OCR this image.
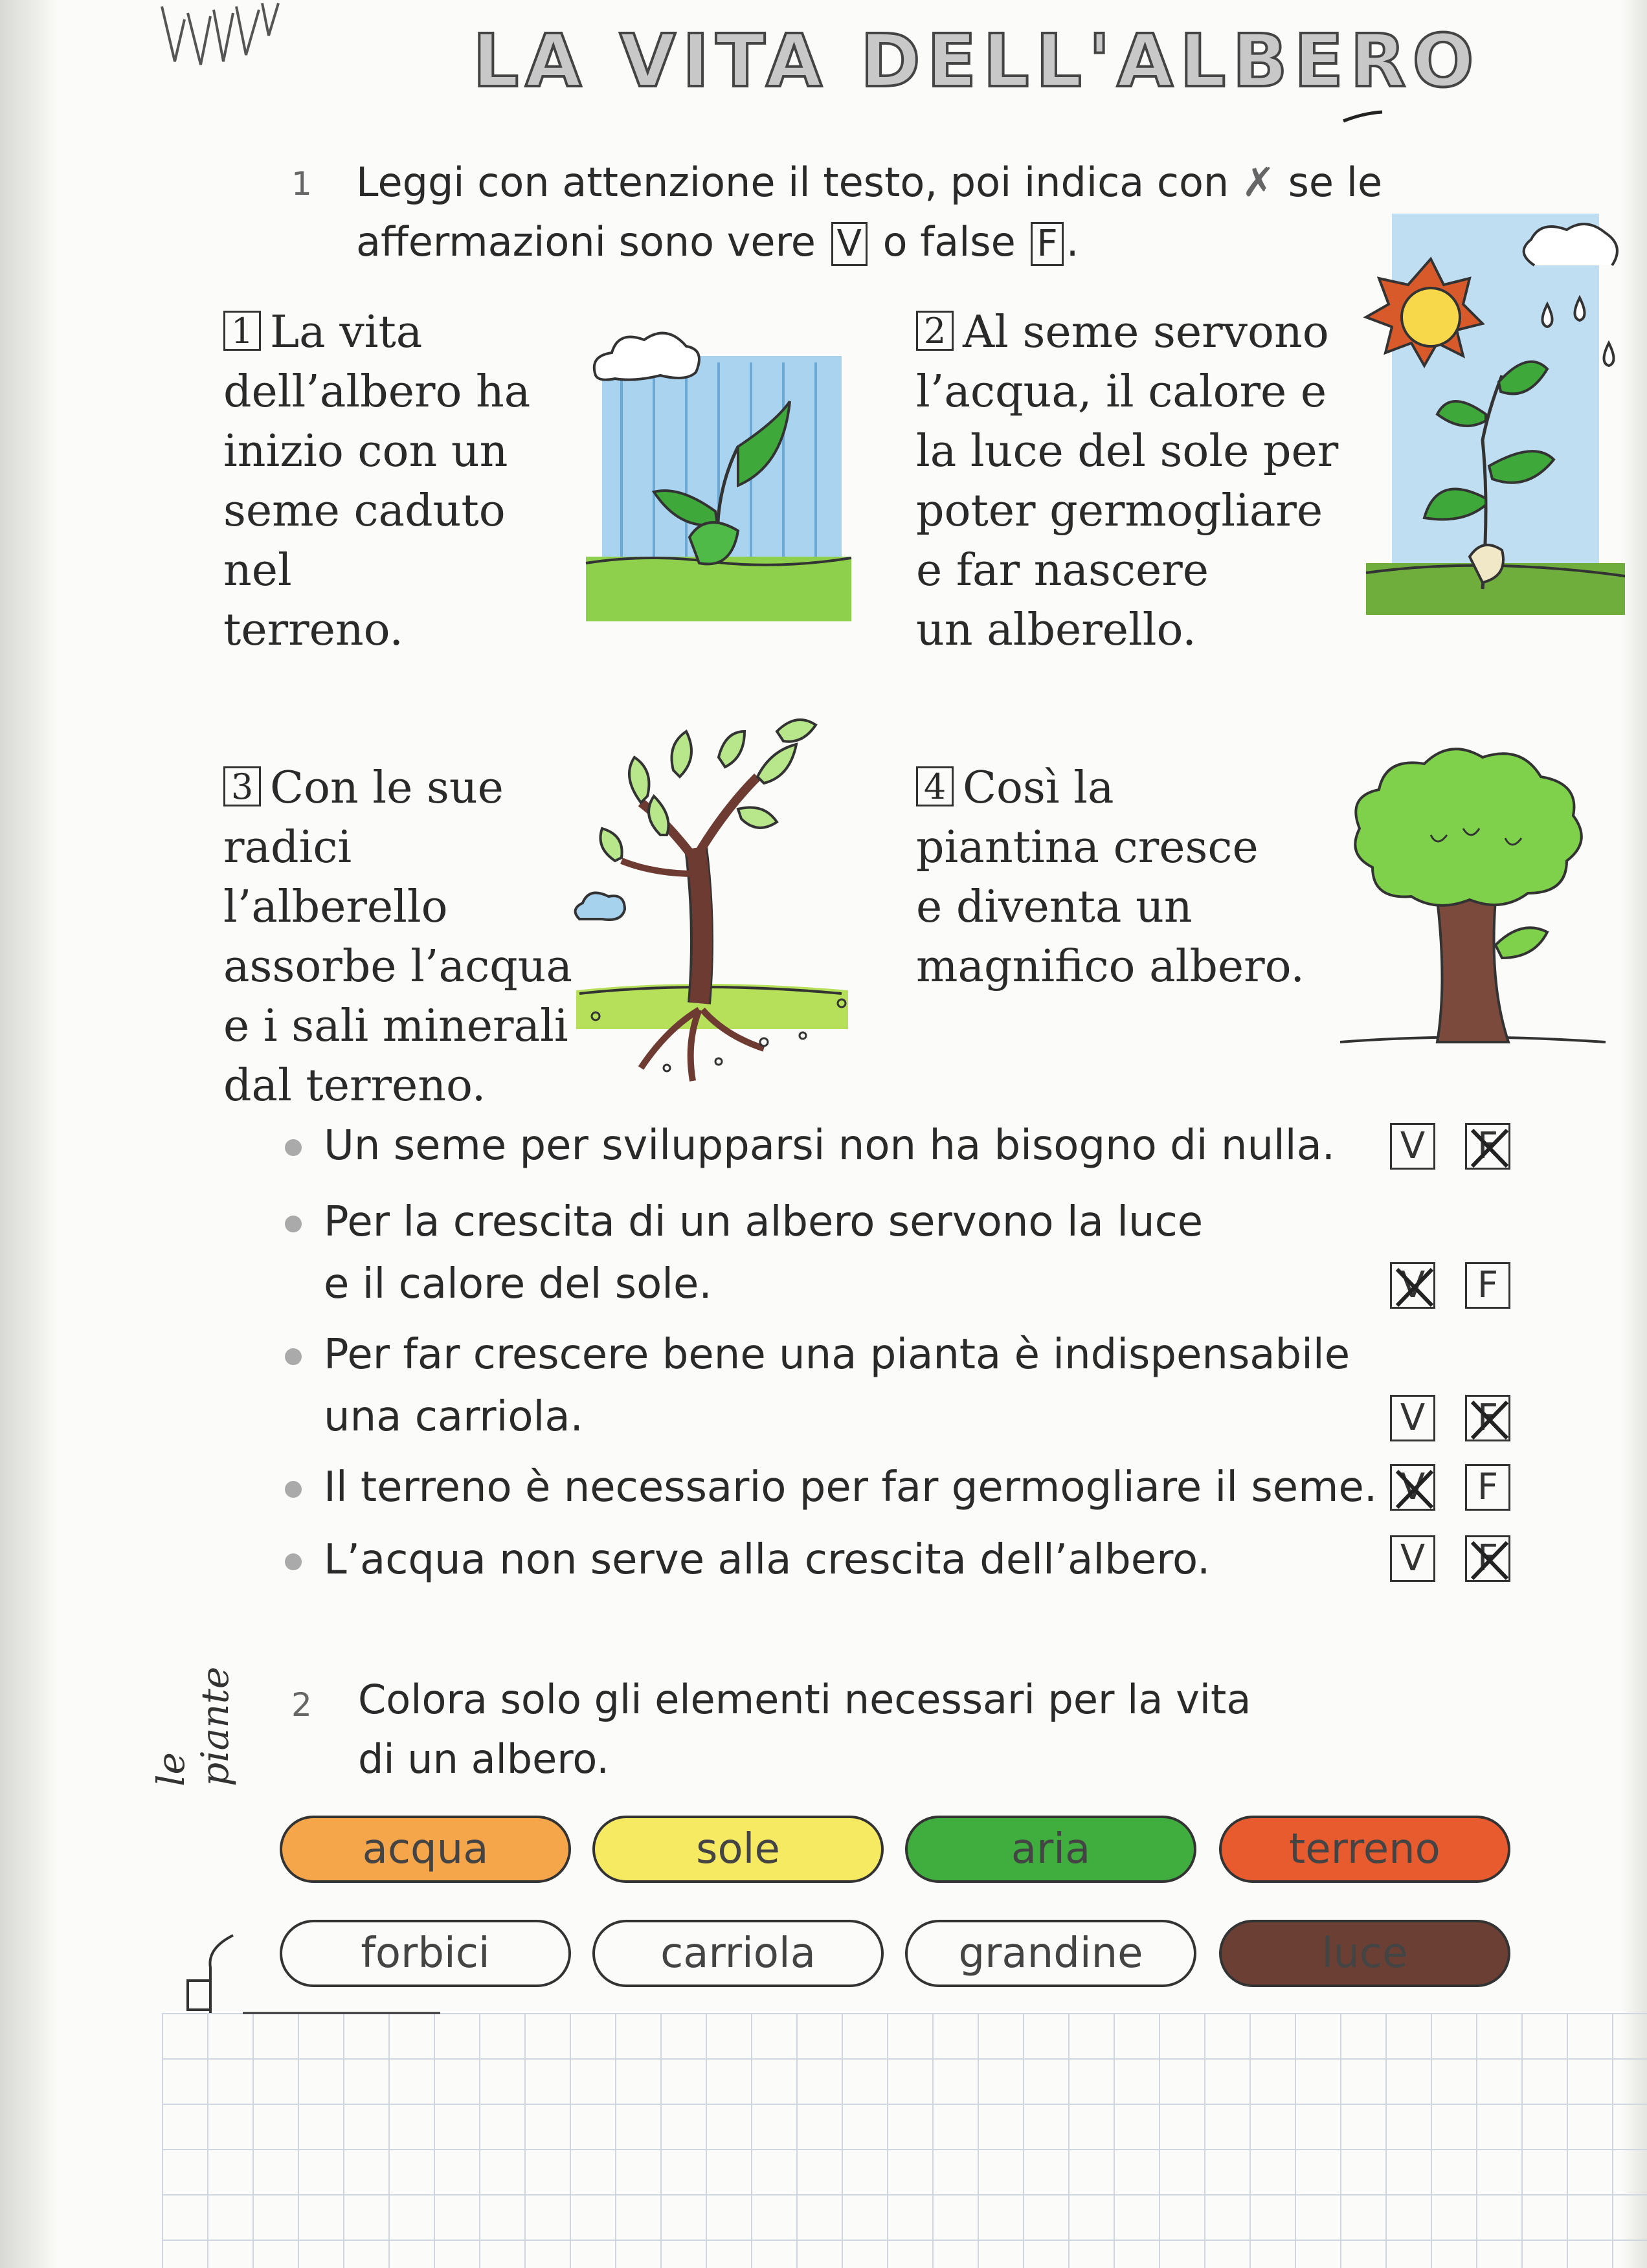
LA VITA DELL'ALBERO
1 Leggi con attenzione il testo, poi indica con ✗ se le
affermazioni sono vere V o false F .

1 La vita

dell’albero ha

inizio con un

seme caduto nel

terreno.

2 Al seme servono

l’acqua, il calore e

la luce del sole per

poter germogliare

e far nascere

un alberello.

3 Con le sue

radici l’alberello

assorbe l’acqua

e i sali minerali

dal terreno.

4 Così la

piantina cresce

e diventa un

magnifico albero.

Un seme per svilupparsi non ha bisogno di nulla. V	F
Per la crescita di un albero servono la luce
e il calore del sole.	V	F
Per far crescere bene una pianta è indispensabile
una carriola.	V	F
Il terreno è necessario per far germogliare il seme. V	F
L’acqua non serve alla crescita dell’albero.	V	F
2 Colora solo gli elementi necessari per la vita
di un albero.
le piante
acqua	sole	aria	terreno
forbici	carriola	grandine	luce
